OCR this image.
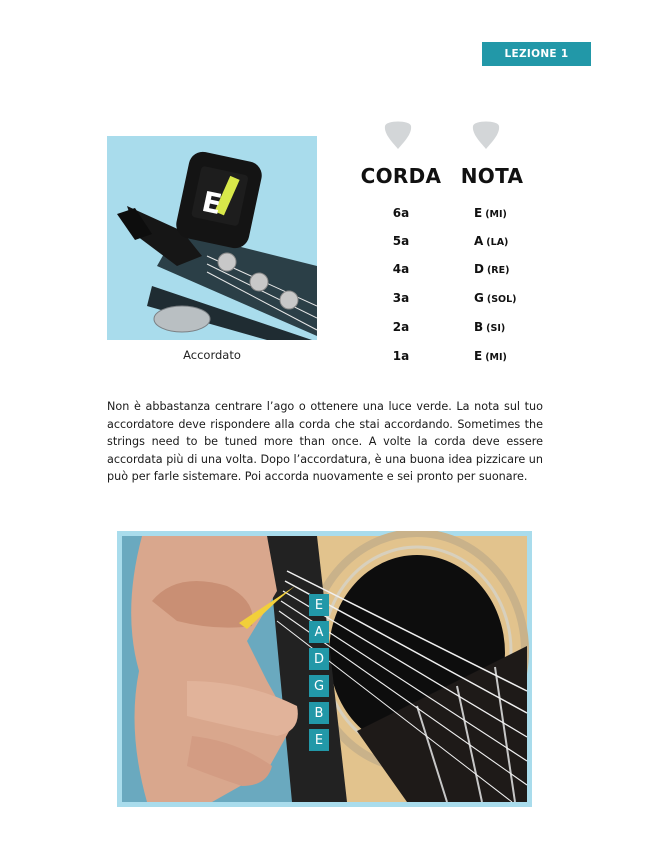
LEZIONE 1
E
Accordato
CORDA NOTA
6a	E (MI)
5a	A (LA)
4a	D (RE)
3a	G (SOL)
2a	B (SI)
1a	E (MI)
Non è abbastanza centrare l’ago o ottenere una luce verde. La nota sul tuo accordatore deve rispondere alla corda che stai accordando. Sometimes the strings need to be tuned more than once. A volte la corda deve essere accordata più di una volta. Dopo l’accordatura, è una buona idea pizzicare un può per farle sistemare. Poi accorda nuovamente e sei pronto per suonare.
E
A
D
G
B
E
